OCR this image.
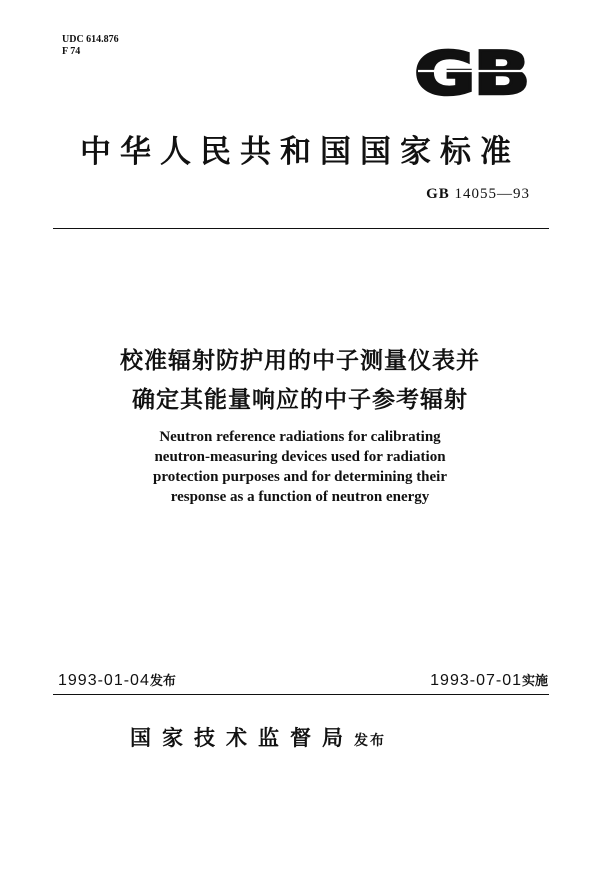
UDC 614.876
F 74	GB
中华人民共和国国家标准
GB 14055—93
校准辐射防护用的中子测量仪表并
确定其能量响应的中子参考辐射
Neutron reference radiations for calibrating
neutron-measuring devices used for radiation
protection purposes and for determining their
response as a function of neutron energy
1993-01-04发布	1993-07-01实施
国家技术监督局发布
